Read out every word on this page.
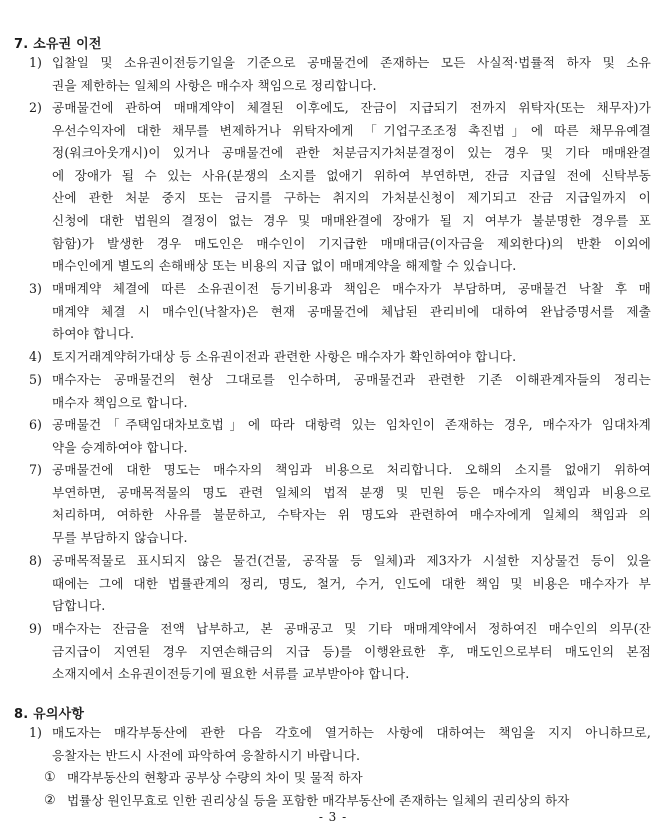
7. 소유권 이전
1) 입찰일 및 소유권이전등기일을 기준으로 공매물건에 존재하는 모든 사실적·법률적 하자 및 소유
권을 제한하는 일체의 사항은 매수자 책임으로 정리합니다.
2) 공매물건에 관하여 매매계약이 체결된 이후에도, 잔금이 지급되기 전까지 위탁자(또는 채무자)가
우선수익자에 대한 채무를 변제하거나 위탁자에게 「기업구조조정 촉진법」에 따른 채무유예결
정(워크아웃개시)이 있거나 공매물건에 관한 처분금지가처분결정이 있는 경우 및 기타 매매완결
에 장애가 될 수 있는 사유(분쟁의 소지를 없애기 위하여 부연하면, 잔금 지급일 전에 신탁부동
산에 관한 처분 중지 또는 금지를 구하는 취지의 가처분신청이 제기되고 잔금 지급일까지 이
신청에 대한 법원의 결정이 없는 경우 및 매매완결에 장애가 될 지 여부가 불분명한 경우를 포
함함)가 발생한 경우 매도인은 매수인이 기지급한 매매대금(이자금을 제외한다)의 반환 이외에
매수인에게 별도의 손해배상 또는 비용의 지급 없이 매매계약을 해제할 수 있습니다.
3) 매매계약 체결에 따른 소유권이전 등기비용과 책임은 매수자가 부담하며, 공매물건 낙찰 후 매
매계약 체결 시 매수인(낙찰자)은 현재 공매물건에 체납된 관리비에 대하여 완납증명서를 제출
하여야 합니다.
4) 토지거래계약허가대상 등 소유권이전과 관련한 사항은 매수자가 확인하여야 합니다.
5) 매수자는 공매물건의 현상 그대로를 인수하며, 공매물건과 관련한 기존 이해관계자들의 정리는
매수자 책임으로 합니다.
6) 공매물건「주택임대차보호법」에 따라 대항력 있는 임차인이 존재하는 경우, 매수자가 임대차계
약을 승계하여야 합니다.
7) 공매물건에 대한 명도는 매수자의 책임과 비용으로 처리합니다. 오해의 소지를 없애기 위하여
부연하면, 공매목적물의 명도 관련 일체의 법적 분쟁 및 민원 등은 매수자의 책임과 비용으로
처리하며, 여하한 사유를 불문하고, 수탁자는 위 명도와 관련하여 매수자에게 일체의 책임과 의
무를 부담하지 않습니다.
8) 공매목적물로 표시되지 않은 물건(건물, 공작물 등 일체)과 제3자가 시설한 지상물건 등이 있을
때에는 그에 대한 법률관계의 정리, 명도, 철거, 수거, 인도에 대한 책임 및 비용은 매수자가 부
담합니다.
9) 매수자는 잔금을 전액 납부하고, 본 공매공고 및 기타 매매계약에서 정하여진 매수인의 의무(잔
금지급이 지연된 경우 지연손해금의 지급 등)를 이행완료한 후, 매도인으로부터 매도인의 본점
소재지에서 소유권이전등기에 필요한 서류를 교부받아야 합니다.
8. 유의사항
1) 매도자는 매각부동산에 관한 다음 각호에 열거하는 사항에 대하여는 책임을 지지 아니하므로,
응찰자는 반드시 사전에 파악하여 응찰하시기 바랍니다.
① 매각부동산의 현황과 공부상 수량의 차이 및 물적 하자
② 법률상 원인무효로 인한 권리상실 등을 포함한 매각부동산에 존재하는 일체의 권리상의 하자
- 3 -
